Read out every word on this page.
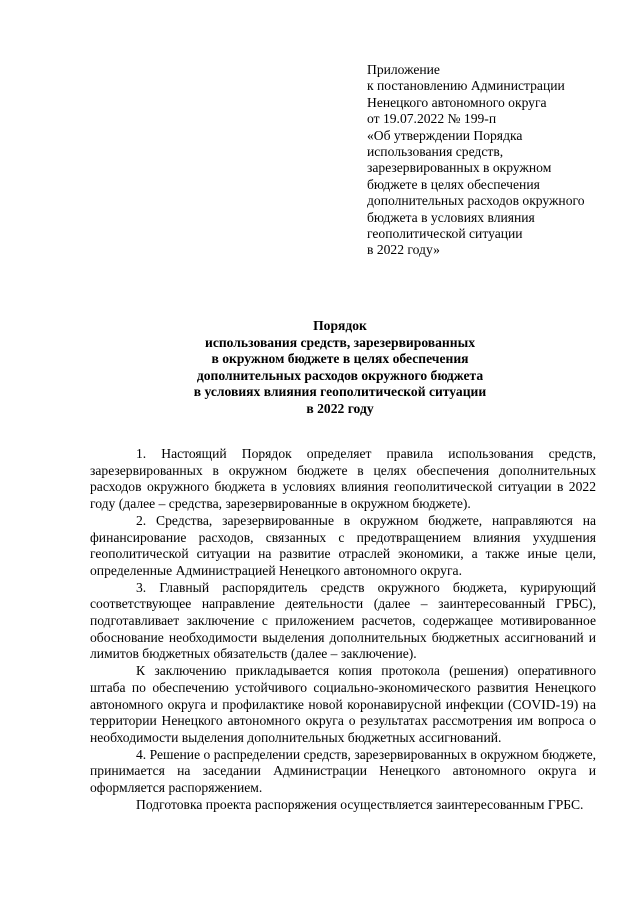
Приложение
к постановлению Администрации
Ненецкого автономного округа
от 19.07.2022 № 199-п
«Об утверждении Порядка
использования средств,
зарезервированных в окружном
бюджете в целях обеспечения
дополнительных расходов окружного
бюджета в условиях влияния
геополитической ситуации
в 2022 году»
Порядок
использования средств, зарезервированных
в окружном бюджете в целях обеспечения
дополнительных расходов окружного бюджета
в условиях влияния геополитической ситуации
в 2022 году

1. Настоящий Порядок определяет правила использования средств, зарезервированных в окружном бюджете в целях обеспечения дополнительных расходов окружного бюджета в условиях влияния геополитической ситуации в 2022 году (далее – средства, зарезервированные в окружном бюджете).

2. Средства, зарезервированные в окружном бюджете, направляются на финансирование расходов, связанных с предотвращением влияния ухудшения геополитической ситуации на развитие отраслей экономики, а также иные цели, определенные Администрацией Ненецкого автономного округа.

3. Главный распорядитель средств окружного бюджета, курирующий соответствующее направление деятельности (далее – заинтересованный ГРБС), подготавливает заключение с приложением расчетов, содержащее мотивированное обоснование необходимости выделения дополнительных бюджетных ассигнований и лимитов бюджетных обязательств (далее – заключение).

К заключению прикладывается копия протокола (решения) оперативного штаба по обеспечению устойчивого социально-экономического развития Ненецкого автономного округа и профилактике новой коронавирусной инфекции (COVID-19) на территории Ненецкого автономного округа о результатах рассмотрения им вопроса о необходимости выделения дополнительных бюджетных ассигнований.

4. Решение о распределении средств, зарезервированных в окружном бюджете, принимается на заседании Администрации Ненецкого автономного округа и оформляется распоряжением.

Подготовка проекта распоряжения осуществляется заинтересованным ГРБС.
